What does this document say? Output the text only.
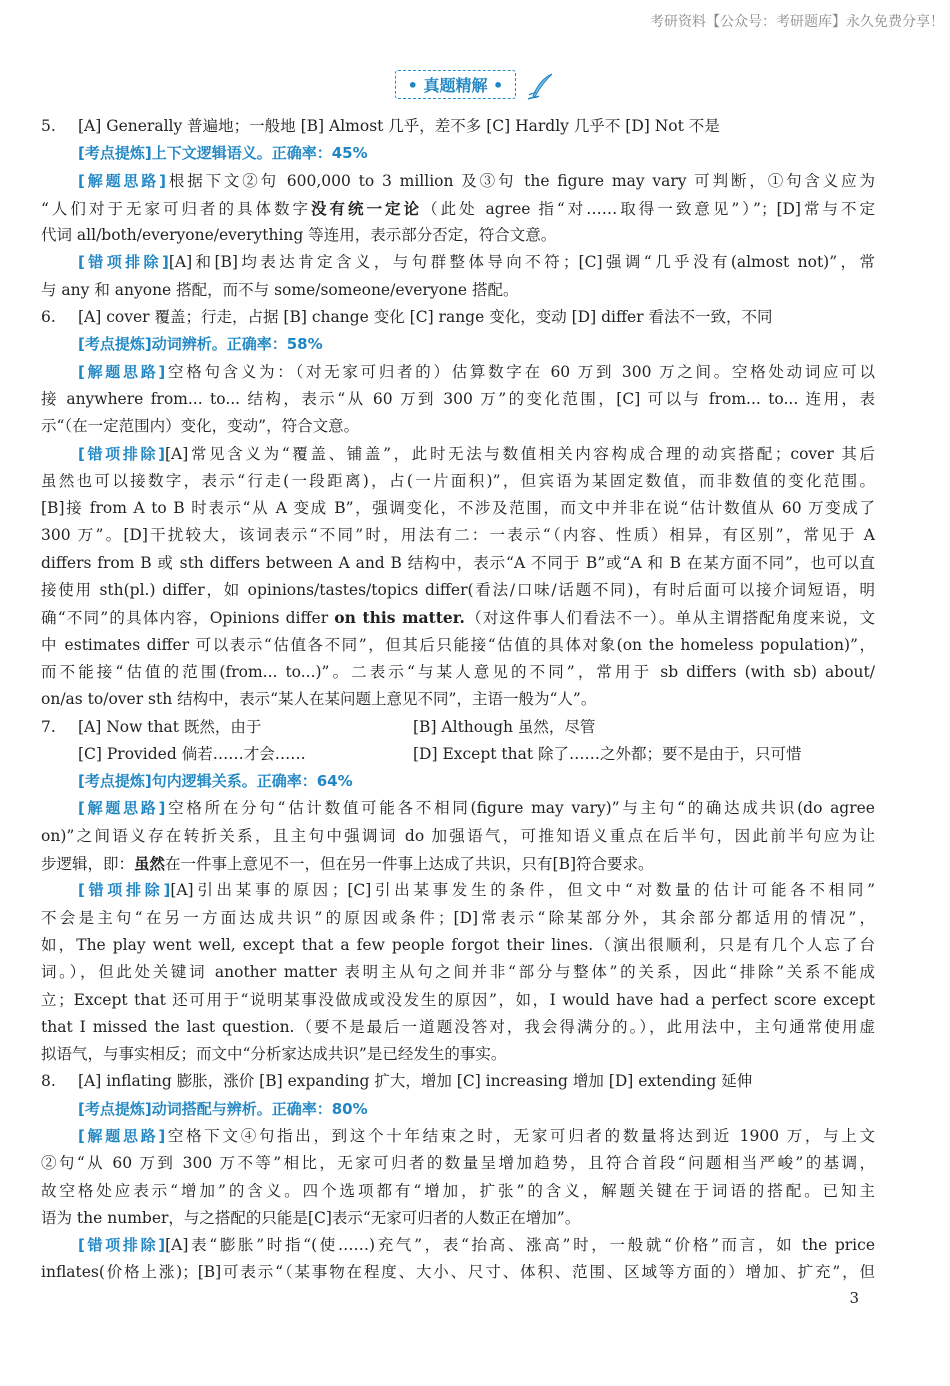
考研资料【公众号：考研题库】永久免费分享！
• 真题精解 •
5. [A] Generally 普遍地；一般地 [B] Almost 几乎，差不多 [C] Hardly 几乎不 [D] Not 不是
[考点提炼]上下文逻辑语义。正确率：45%
[解题思路]根据下文②句 600,000 to 3 million 及③句 the figure may vary 可判断，①句含义应为
“人们对于无家可归者的具体数字没有统一定论（此处 agree 指“对……取得一致意见”）”；[D]常与不定
代词 all/both/everyone/everything 等连用，表示部分否定，符合文意。
[错项排除][A]和[B]均表达肯定含义，与句群整体导向不符；[C]强调“几乎没有(almost not)”，常
与 any 和 anyone 搭配，而不与 some/someone/everyone 搭配。
6. [A] cover 覆盖；行走，占据 [B] change 变化 [C] range 变化，变动 [D] differ 看法不一致，不同
[考点提炼]动词辨析。正确率：58%
[解题思路]空格句含义为：（对无家可归者的）估算数字在 60 万到 300 万之间。空格处动词应可以
接 anywhere from... to... 结构，表示“从 60 万到 300 万”的变化范围，[C] 可以与 from... to... 连用，表
示“（在一定范围内）变化，变动”，符合文意。
[错项排除][A]常见含义为“覆盖、铺盖”，此时无法与数值相关内容构成合理的动宾搭配；cover 其后
虽然也可以接数字，表示“行走(一段距离)，占(一片面积)”，但宾语为某固定数值，而非数值的变化范围。
[B]接 from A to B 时表示“从 A 变成 B”，强调变化，不涉及范围，而文中并非在说“估计数值从 60 万变成了
300 万”。[D]干扰较大，该词表示“不同”时，用法有二：一表示“（内容、性质）相异，有区别”，常见于 A
differs from B 或 sth differs between A and B 结构中，表示“A 不同于 B”或“A 和 B 在某方面不同”，也可以直
接使用 sth(pl.) differ，如 opinions/tastes/topics differ(看法/口味/话题不同)，有时后面可以接介词短语，明
确“不同”的具体内容，Opinions differ on this matter.（对这件事人们看法不一）。单从主谓搭配角度来说，文
中 estimates differ 可以表示“估值各不同”，但其后只能接“估值的具体对象(on the homeless population)”，
而不能接“估值的范围(from... to...)”。二表示“与某人意见的不同”，常用于 sb differs (with sb) about/
on/as to/over sth 结构中，表示“某人在某问题上意见不同”，主语一般为“人”。
7. [A] Now that 既然，由于	[B] Although 虽然，尽管
[C] Provided 倘若……才会……	[D] Except that 除了……之外都；要不是由于，只可惜
[考点提炼]句内逻辑关系。正确率：64%
[解题思路]空格所在分句“估计数值可能各不相同(figure may vary)”与主句“的确达成共识(do agree
on)”之间语义存在转折关系，且主句中强调词 do 加强语气，可推知语义重点在后半句，因此前半句应为让
步逻辑，即：虽然在一件事上意见不一，但在另一件事上达成了共识，只有[B]符合要求。
[错项排除][A]引出某事的原因；[C]引出某事发生的条件，但文中“对数量的估计可能各不相同”
不会是主句“在另一方面达成共识”的原因或条件；[D]常表示“除某部分外，其余部分都适用的情况”，
如，The play went well, except that a few people forgot their lines.（演出很顺利，只是有几个人忘了台
词。），但此处关键词 another matter 表明主从句之间并非“部分与整体”的关系，因此“排除”关系不能成
立；Except that 还可用于“说明某事没做成或没发生的原因”，如，I would have had a perfect score except
that I missed the last question.（要不是最后一道题没答对，我会得满分的。），此用法中，主句通常使用虚
拟语气，与事实相反；而文中“分析家达成共识”是已经发生的事实。
8. [A] inflating 膨胀，涨价 [B] expanding 扩大，增加 [C] increasing 增加 [D] extending 延伸
[考点提炼]动词搭配与辨析。正确率：80%
[解题思路]空格下文④句指出，到这个十年结束之时，无家可归者的数量将达到近 1900 万，与上文
②句“从 60 万到 300 万不等”相比，无家可归者的数量呈增加趋势，且符合首段“问题相当严峻”的基调，
故空格处应表示“增加”的含义。四个选项都有“增加，扩张”的含义，解题关键在于词语的搭配。已知主
语为 the number，与之搭配的只能是[C]表示“无家可归者的人数正在增加”。
[错项排除][A]表“膨胀”时指“(使……)充气”，表“抬高、涨高”时，一般就“价格”而言，如 the price
inflates(价格上涨)；[B]可表示“（某事物在程度、大小、尺寸、体积、范围、区域等方面的）增加、扩充”，但
3
